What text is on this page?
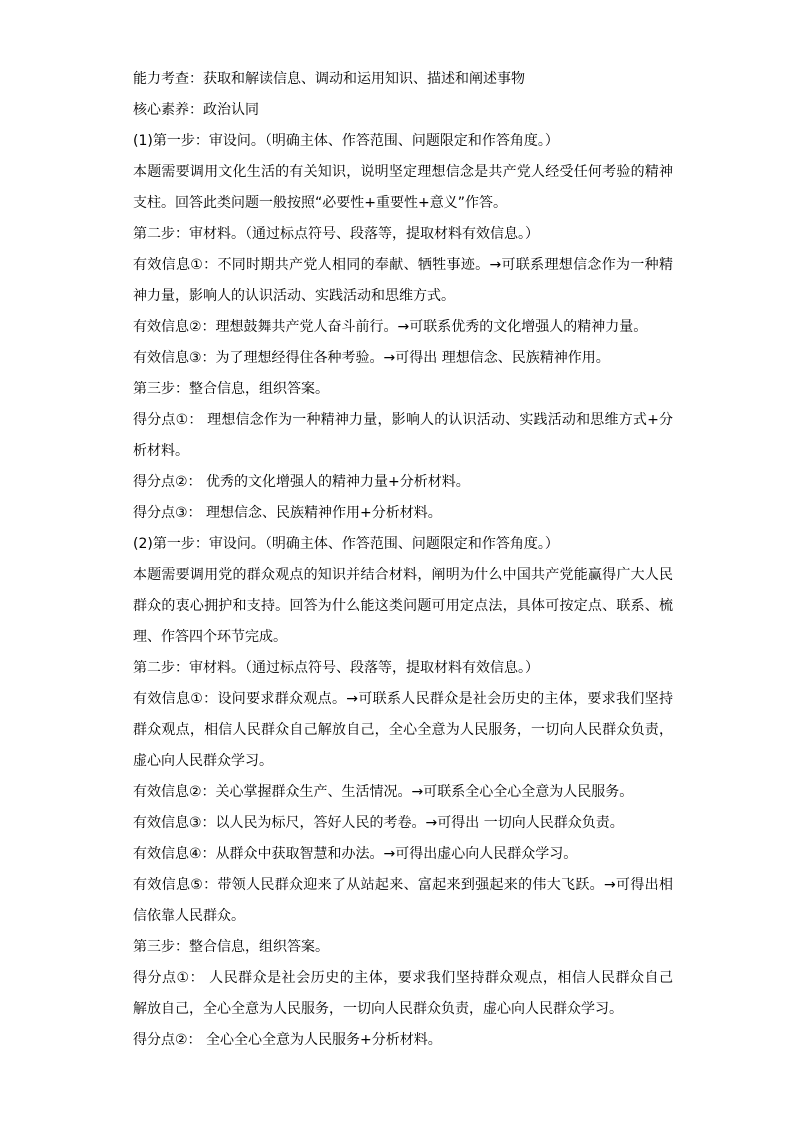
能力考查：获取和解读信息、调动和运用知识、描述和阐述事物
核心素养：政治认同
(1)第一步：审设问。（明确主体、作答范围、问题限定和作答角度。）
本题需要调用文化生活的有关知识，说明坚定理想信念是共产党人经受任何考验的精神
支柱。回答此类问题一般按照“必要性+重要性+意义”作答。
第二步：审材料。（通过标点符号、段落等，提取材料有效信息。）
有效信息①：不同时期共产党人相同的奉献、牺牲事迹。→可联系理想信念作为一种精
神力量，影响人的认识活动、实践活动和思维方式。
有效信息②：理想鼓舞共产党人奋斗前行。→可联系优秀的文化增强人的精神力量。
有效信息③：为了理想经得住各种考验。→可得出 理想信念、民族精神作用。
第三步：整合信息，组织答案。
得分点①： 理想信念作为一种精神力量，影响人的认识活动、实践活动和思维方式+分
析材料。
得分点②： 优秀的文化增强人的精神力量+分析材料。
得分点③： 理想信念、民族精神作用+分析材料。
(2)第一步：审设问。（明确主体、作答范围、问题限定和作答角度。）
本题需要调用党的群众观点的知识并结合材料，阐明为什么中国共产党能赢得广大人民
群众的衷心拥护和支持。回答为什么能这类问题可用定点法，具体可按定点、联系、梳
理、作答四个环节完成。
第二步：审材料。（通过标点符号、段落等，提取材料有效信息。）
有效信息①：设问要求群众观点。→可联系人民群众是社会历史的主体，要求我们坚持
群众观点，相信人民群众自己解放自己，全心全意为人民服务，一切向人民群众负责，
虚心向人民群众学习。
有效信息②：关心掌握群众生产、生活情况。→可联系全心全心全意为人民服务。
有效信息③：以人民为标尺，答好人民的考卷。→可得出 一切向人民群众负责。
有效信息④：从群众中获取智慧和办法。→可得出虚心向人民群众学习。
有效信息⑤：带领人民群众迎来了从站起来、富起来到强起来的伟大飞跃。→可得出相
信依靠人民群众。
第三步：整合信息，组织答案。
得分点①： 人民群众是社会历史的主体，要求我们坚持群众观点，相信人民群众自己
解放自己，全心全意为人民服务，一切向人民群众负责，虚心向人民群众学习。
得分点②： 全心全心全意为人民服务+分析材料。
